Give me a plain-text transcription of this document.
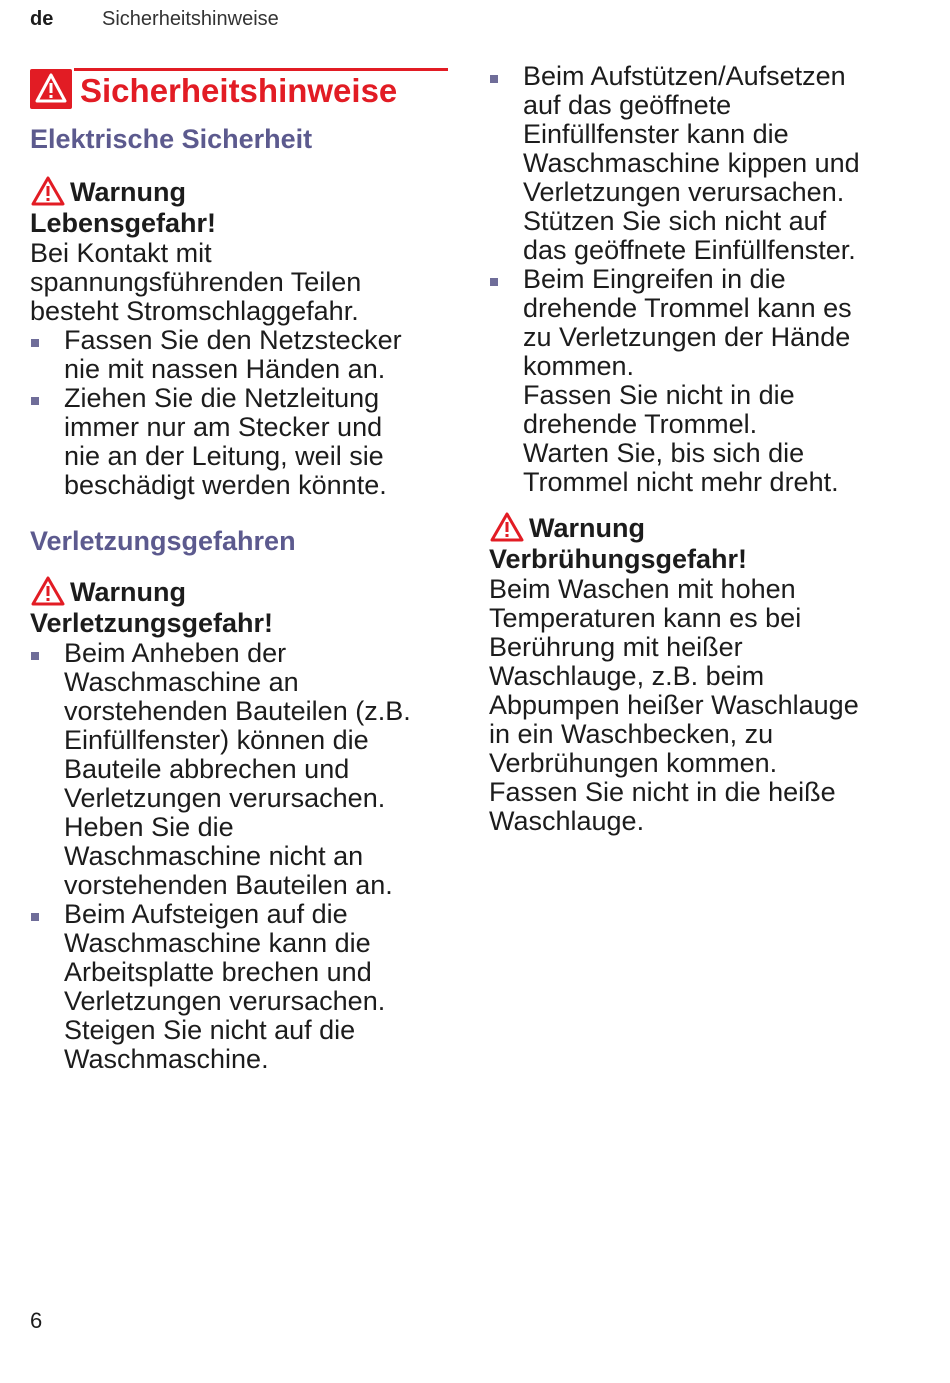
de Sicherheitshinweise
Sicherheitshinweise
Elektrische Sicherheit
Warnung
Lebensgefahr!
Bei Kontakt mit
spannungsführenden Teilen
besteht Stromschlaggefahr.
Fassen Sie den Netzstecker
nie mit nassen Händen an.
Ziehen Sie die Netzleitung
immer nur am Stecker und
nie an der Leitung, weil sie
beschädigt werden könnte.
Verletzungsgefahren
Warnung
Verletzungsgefahr!
Beim Anheben der
Waschmaschine an
vorstehenden Bauteilen (z.B.
Einfüllfenster) können die
Bauteile abbrechen und
Verletzungen verursachen.
Heben Sie die
Waschmaschine nicht an
vorstehenden Bauteilen an.
Beim Aufsteigen auf die
Waschmaschine kann die
Arbeitsplatte brechen und
Verletzungen verursachen.
Steigen Sie nicht auf die
Waschmaschine.
Beim Aufstützen/Aufsetzen
auf das geöffnete
Einfüllfenster kann die
Waschmaschine kippen und
Verletzungen verursachen.
Stützen Sie sich nicht auf
das geöffnete Einfüllfenster.
Beim Eingreifen in die
drehende Trommel kann es
zu Verletzungen der Hände
kommen.
Fassen Sie nicht in die
drehende Trommel.
Warten Sie, bis sich die
Trommel nicht mehr dreht.
Warnung
Verbrühungsgefahr!
Beim Waschen mit hohen
Temperaturen kann es bei
Berührung mit heißer
Waschlauge, z.B. beim
Abpumpen heißer Waschlauge
in ein Waschbecken, zu
Verbrühungen kommen.
Fassen Sie nicht in die heiße
Waschlauge.
6
